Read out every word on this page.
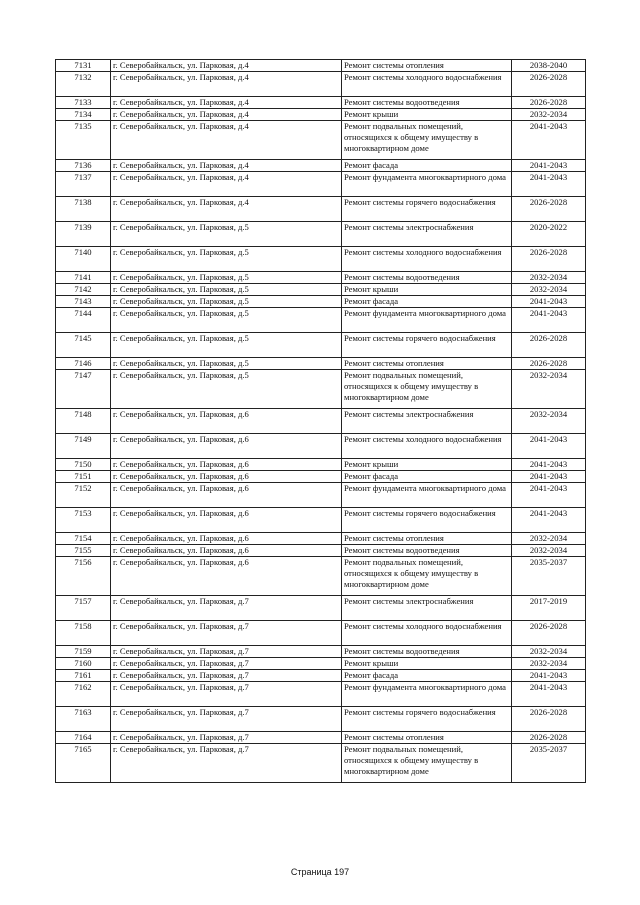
7131	г. Северобайкальск, ул. Парковая, д.4	Ремонт системы отопления	2038-2040
7132	г. Северобайкальск, ул. Парковая, д.4	Ремонт системы холодного водоснабжения	2026-2028
7133	г. Северобайкальск, ул. Парковая, д.4	Ремонт системы водоотведения	2026-2028
7134	г. Северобайкальск, ул. Парковая, д.4	Ремонт крыши	2032-2034
7135	г. Северобайкальск, ул. Парковая, д.4	Ремонт подвальных помещений, относящихся к общему имуществу в многоквартирном доме	2041-2043
7136	г. Северобайкальск, ул. Парковая, д.4	Ремонт фасада	2041-2043
7137	г. Северобайкальск, ул. Парковая, д.4	Ремонт фундамента многоквартирного дома	2041-2043
7138	г. Северобайкальск, ул. Парковая, д.4	Ремонт системы горячего водоснабжения	2026-2028
7139	г. Северобайкальск, ул. Парковая, д.5	Ремонт системы электроснабжения	2020-2022
7140	г. Северобайкальск, ул. Парковая, д.5	Ремонт системы холодного водоснабжения	2026-2028
7141	г. Северобайкальск, ул. Парковая, д.5	Ремонт системы водоотведения	2032-2034
7142	г. Северобайкальск, ул. Парковая, д.5	Ремонт крыши	2032-2034
7143	г. Северобайкальск, ул. Парковая, д.5	Ремонт фасада	2041-2043
7144	г. Северобайкальск, ул. Парковая, д.5	Ремонт фундамента многоквартирного дома	2041-2043
7145	г. Северобайкальск, ул. Парковая, д.5	Ремонт системы горячего водоснабжения	2026-2028
7146	г. Северобайкальск, ул. Парковая, д.5	Ремонт системы отопления	2026-2028
7147	г. Северобайкальск, ул. Парковая, д.5	Ремонт подвальных помещений, относящихся к общему имуществу в многоквартирном доме	2032-2034
7148	г. Северобайкальск, ул. Парковая, д.6	Ремонт системы электроснабжения	2032-2034
7149	г. Северобайкальск, ул. Парковая, д.6	Ремонт системы холодного водоснабжения	2041-2043
7150	г. Северобайкальск, ул. Парковая, д.6	Ремонт крыши	2041-2043
7151	г. Северобайкальск, ул. Парковая, д.6	Ремонт фасада	2041-2043
7152	г. Северобайкальск, ул. Парковая, д.6	Ремонт фундамента многоквартирного дома	2041-2043
7153	г. Северобайкальск, ул. Парковая, д.6	Ремонт системы горячего водоснабжения	2041-2043
7154	г. Северобайкальск, ул. Парковая, д.6	Ремонт системы отопления	2032-2034
7155	г. Северобайкальск, ул. Парковая, д.6	Ремонт системы водоотведения	2032-2034
7156	г. Северобайкальск, ул. Парковая, д.6	Ремонт подвальных помещений, относящихся к общему имуществу в многоквартирном доме	2035-2037
7157	г. Северобайкальск, ул. Парковая, д.7	Ремонт системы электроснабжения	2017-2019
7158	г. Северобайкальск, ул. Парковая, д.7	Ремонт системы холодного водоснабжения	2026-2028
7159	г. Северобайкальск, ул. Парковая, д.7	Ремонт системы водоотведения	2032-2034
7160	г. Северобайкальск, ул. Парковая, д.7	Ремонт крыши	2032-2034
7161	г. Северобайкальск, ул. Парковая, д.7	Ремонт фасада	2041-2043
7162	г. Северобайкальск, ул. Парковая, д.7	Ремонт фундамента многоквартирного дома	2041-2043
7163	г. Северобайкальск, ул. Парковая, д.7	Ремонт системы горячего водоснабжения	2026-2028
7164	г. Северобайкальск, ул. Парковая, д.7	Ремонт системы отопления	2026-2028
7165	г. Северобайкальск, ул. Парковая, д.7	Ремонт подвальных помещений, относящихся к общему имуществу в многоквартирном доме	2035-2037
Страница 197
